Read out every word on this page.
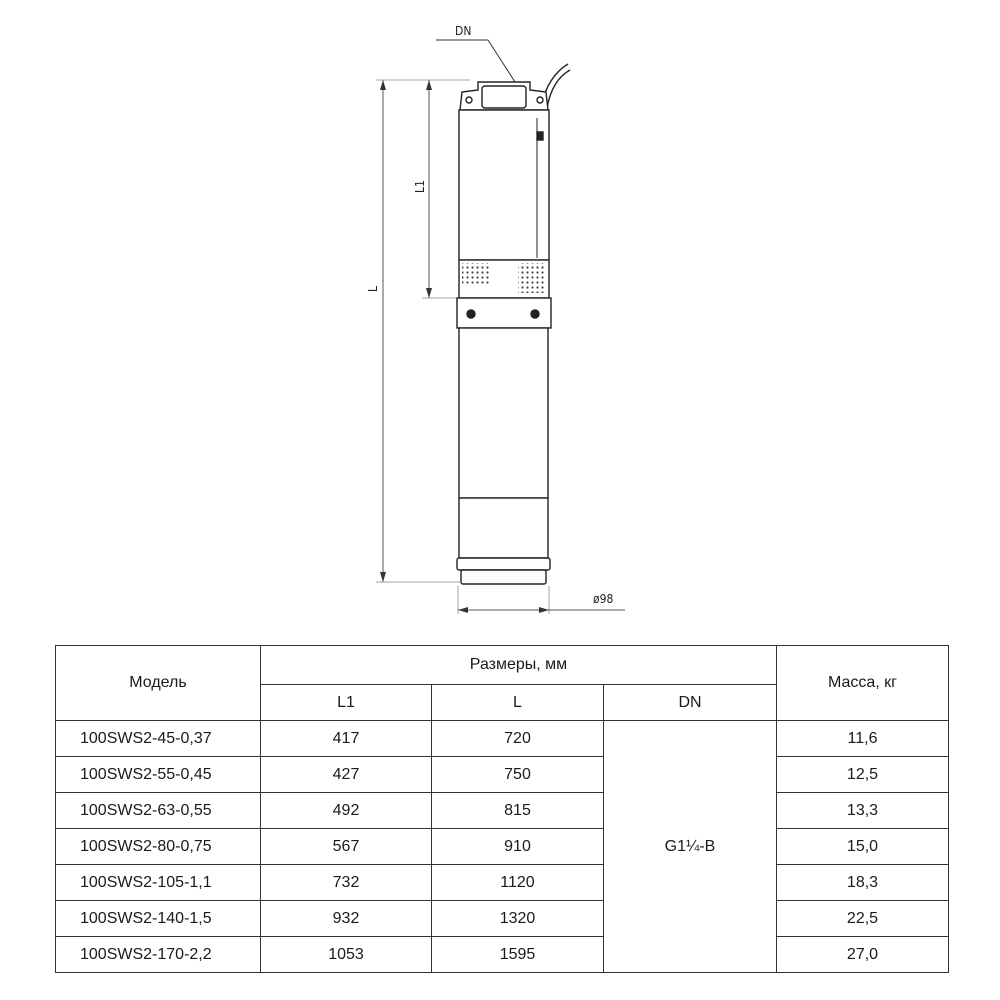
DN
L
L1
ø98
Модель	Размеры, мм			Масса, кг
	L1	L	DN	
100SWS2-45-0,37	417	720	G1¼-B	11,6
100SWS2-55-0,45	427	750		12,5
100SWS2-63-0,55	492	815		13,3
100SWS2-80-0,75	567	910		15,0
100SWS2-105-1,1	732	1120		18,3
100SWS2-140-1,5	932	1320		22,5
100SWS2-170-2,2	1053	1595		27,0
